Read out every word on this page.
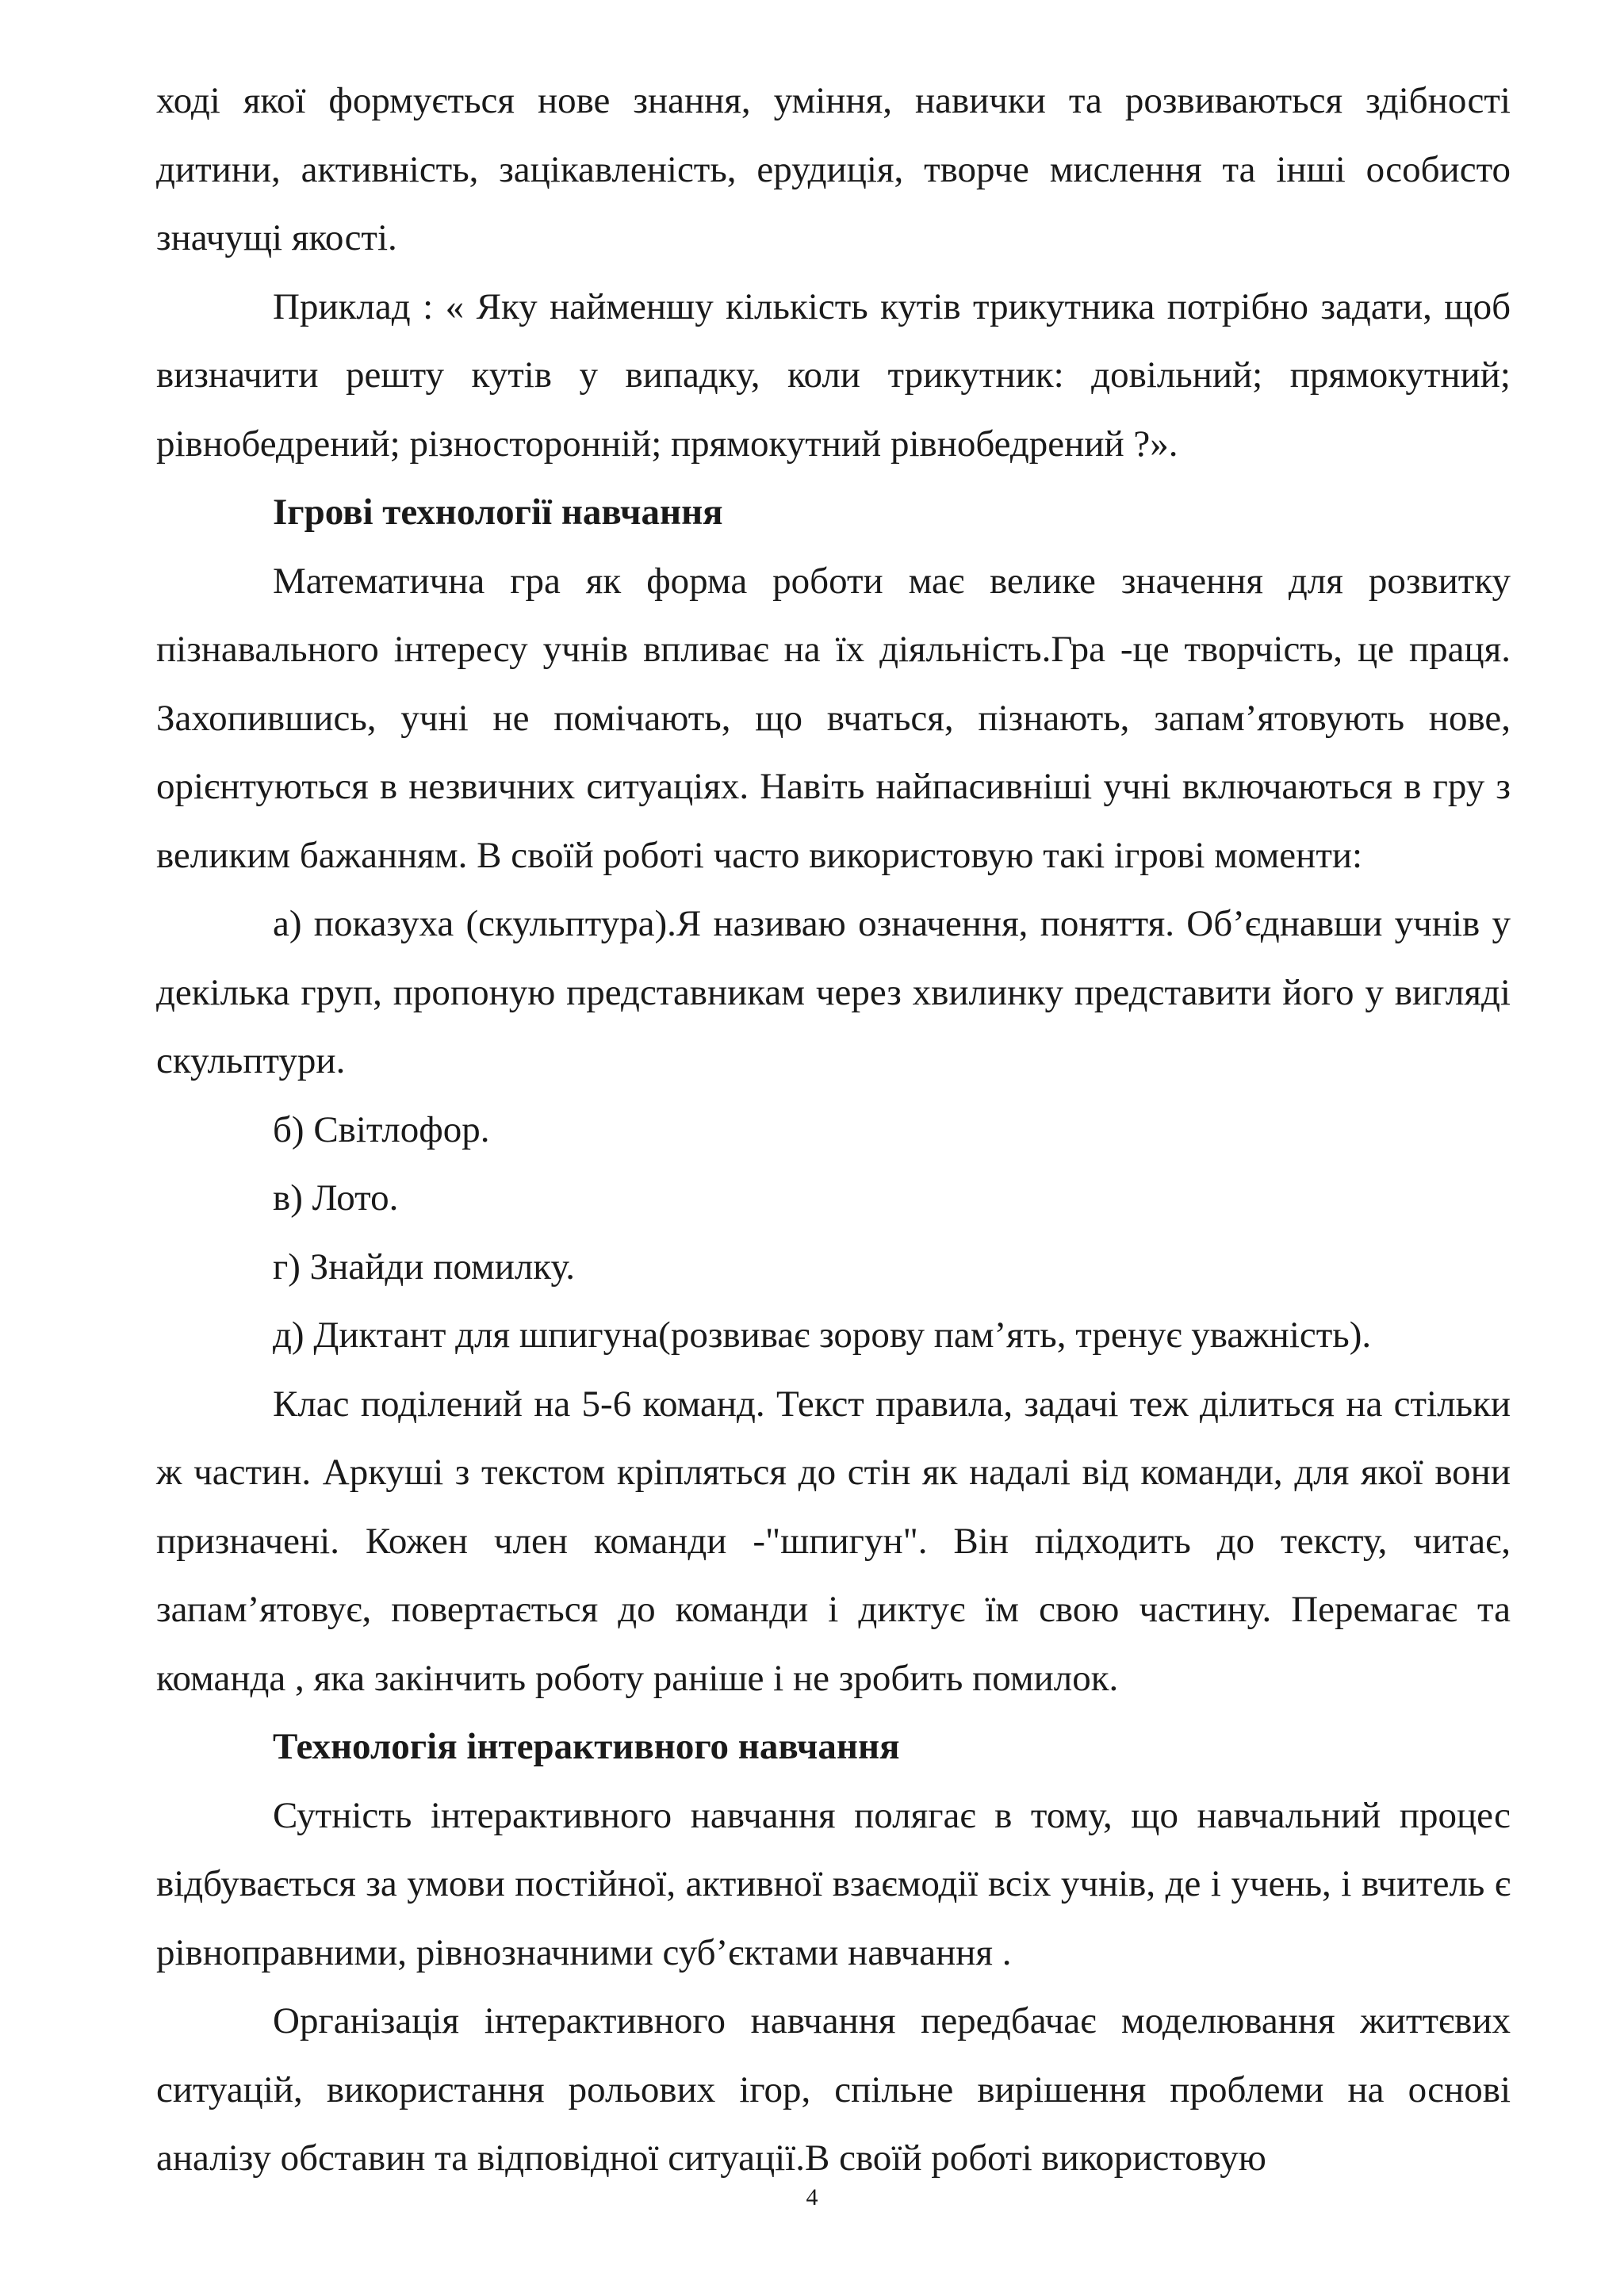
ході якої формується нове знання, уміння, навички та розвиваються здібності дитини, активність, зацікавленість, ерудиція, творче мислення та інші особисто значущі якості.

Приклад : « Яку найменшу кількість кутів трикутника потрібно задати, щоб визначити решту кутів у випадку, коли трикутник: довільний; прямокутний; рівнобедрений; різносторонній; прямокутний рівнобедрений ?».

Ігрові технології навчання

Математична гра як форма роботи має велике значення для розвитку пізнавального інтересу учнів впливає на їх діяльність.Гра -це творчість, це праця. Захопившись, учні не помічають, що вчаться, пізнають, запам’ятовують нове, орієнтуються в незвичних ситуаціях. Навіть найпасивніші учні включаються в гру з великим бажанням. В своїй роботі часто використовую такі ігрові моменти:

а) показуха (скульптура).Я називаю означення, поняття. Об’єднавши учнів у декілька груп, пропоную представникам через хвилинку представити його у вигляді скульптури.

б) Світлофор.

в) Лото.

г) Знайди помилку.

д) Диктант для шпигуна(розвиває зорову пам’ять, тренує уважність).

Клас поділений на 5-6 команд. Текст правила, задачі теж ділиться на стільки ж частин. Аркуші з текстом кріпляться до стін як надалі від команди, для якої вони призначені. Кожен член команди -"шпигун". Він підходить до тексту, читає, запам’ятовує, повертається до команди і диктує їм свою частину. Перемагає та команда , яка закінчить роботу раніше і не зробить помилок.

Технологія інтерактивного навчання

Сутність інтерактивного навчання полягає в тому, що навчальний процес відбувається за умови постійної, активної взаємодії всіх учнів, де і учень, і вчитель є рівноправними, рівнозначними суб’єктами навчання .

Організація інтерактивного навчання передбачає моделювання життєвих ситуацій, використання рольових ігор, спільне вирішення проблеми на основі аналізу обставин та відповідної ситуації.В своїй роботі використовую

4
